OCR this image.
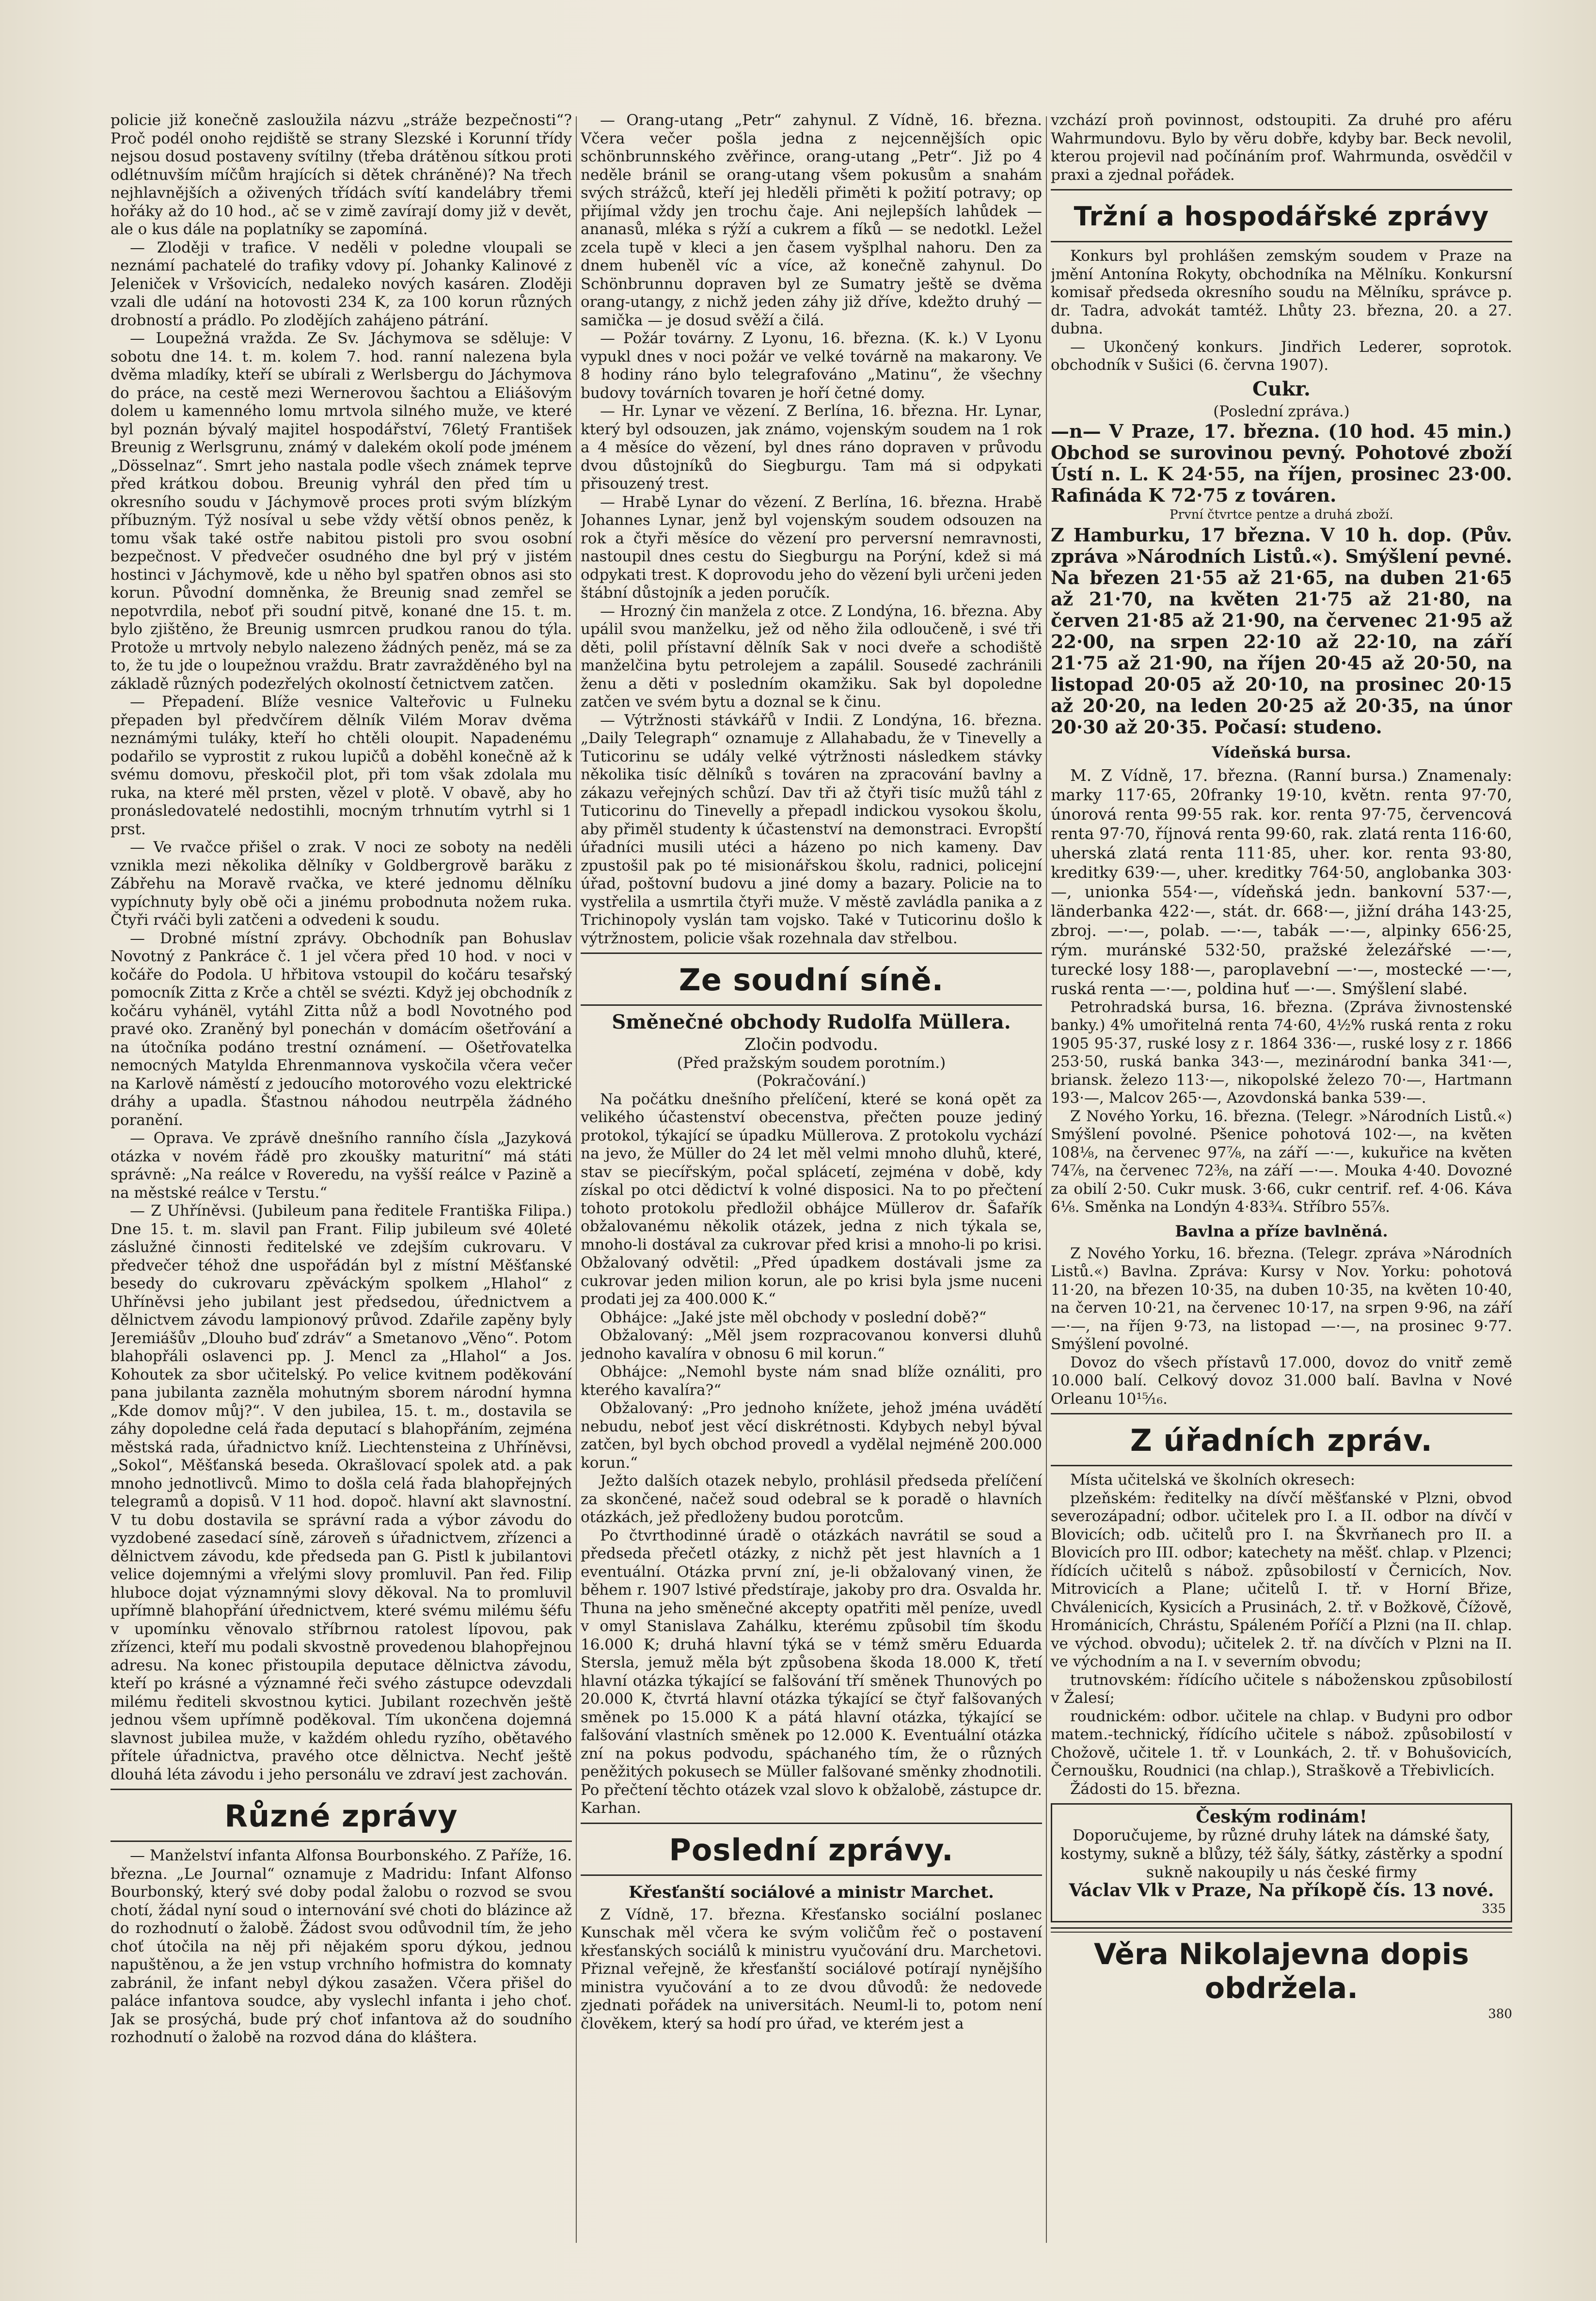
policie již konečně zasloužila názvu „stráže bezpečnosti“? Proč podél onoho rejdiště se strany Slezské i Korunní třídy nejsou dosud postaveny svítilny (třeba drátěnou sítkou proti odlétnuvším míčům hrajících si dětek chráněné)? Na třech nejhlavnějších a oživených třídách svítí kandelábry třemi hořáky až do 10 hod., ač se v zimě zavírají domy již v devět, ale o kus dále na poplatníky se zapomíná.

— Zloději v trafice. V neděli v poledne vloupali se neznámí pachatelé do trafiky vdovy pí. Johanky Kalinové z Jeleniček v Vršovicích, nedaleko nových kasáren. Zloději vzali dle udání na hotovosti 234 K, za 100 korun různých drobností a prádlo. Po zlodějích zahájeno pátrání.

— Loupežná vražda. Ze Sv. Jáchymova se sděluje: V sobotu dne 14. t. m. kolem 7. hod. ranní nalezena byla dvěma mladíky, kteří se ubírali z Werlsbergu do Jáchymova do práce, na cestě mezi Wernerovou šachtou a Eliášovým dolem u kamenného lomu mrtvola silného muže, ve které byl poznán bývalý majitel hospodářství, 76letý František Breunig z Werlsgrunu, známý v dalekém okolí pode jménem „Dösselnaz“. Smrt jeho nastala podle všech známek teprve před krátkou dobou. Breunig vyhrál den před tím u okresního soudu v Jáchymově proces proti svým blízkým příbuzným. Týž nosíval u sebe vždy větší obnos peněz, k tomu však také ostře nabitou pistoli pro svou osobní bezpečnost. V předvečer osudného dne byl prý v jistém hostinci v Jáchymově, kde u něho byl spatřen obnos asi sto korun. Původní domněnka, že Breunig snad zemřel se nepotvrdila, neboť při soudní pitvě, konané dne 15. t. m. bylo zjištěno, že Breunig usmrcen prudkou ranou do týla. Protože u mrtvoly nebylo nalezeno žádných peněz, má se za to, že tu jde o loupežnou vraždu. Bratr zavražděného byl na základě různých podezřelých okolností četnictvem zatčen.

— Přepadení. Blíže vesnice Valteřovic u Fulneku přepaden byl předvčírem dělník Vilém Morav dvěma neznámými tuláky, kteří ho chtěli oloupit. Napadenému podařilo se vyprostit z rukou lupičů a doběhl konečně až k svému domovu, přeskočil plot, při tom však zdolala mu ruka, na které měl prsten, vězel v plotě. V obavě, aby ho pronásledovatelé nedostihli, mocným trhnutím vytrhl si 1 prst.

— Ve rvačce přišel o zrak. V noci ze soboty na neděli vznikla mezi několika dělníky v Goldbergrově barăku z Zábřehu na Moravě rvačka, ve které jednomu dělníku vypíchnuty byly obě oči a jinému probodnuta nožem ruka. Čtyři rváči byli zatčeni a odvedeni k soudu.

— Drobné místní zprávy. Obchodník pan Bohuslav Novotný z Pankráce č. 1 jel včera před 10 hod. v noci v kočáře do Podola. U hřbitova vstoupil do kočáru tesařský pomocník Zitta z Krče a chtěl se svézti. Když jej obchodník z kočáru vyhánël, vytáhl Zitta nůž a bodl Novotného pod pravé oko. Zraněný byl ponechán v domácím ošetřování a na útočníka podáno trestní oznámení. — Ošetřovatelka nemocných Matylda Ehrenmannova vyskočila včera večer na Karlově náměstí z jedoucího motorového vozu elektrické dráhy a upadla. Šťastnou náhodou neutrpěla žádného poranění.

— Oprava. Ve zprávě dnešního ranního čísla „Jazyková otázka v novém řádě pro zkoušky maturitní“ má státi správně: „Na reálce v Roveredu, na vyšší reálce v Pazině a na městské reálce v Terstu.“

— Z Uhříněvsi. (Jubileum pana ředitele Františka Filipa.) Dne 15. t. m. slavil pan Frant. Filip jubileum své 40leté záslužné činnosti ředitelské ve zdejším cukrovaru. V předvečer téhož dne uspořádán byl z místní Měšťanské besedy do cukrovaru zpěváckým spolkem „Hlahol“ z Uhříněvsi jeho jubilant jest předsedou, úřednictvem a dělnictvem závodu lampionový průvod. Zdařile zapěny byly Jeremiášův „Dlouho buď zdráv“ a Smetanovo „Věno“. Potom blahopřáli oslavenci pp. J. Mencl za „Hlahol“ a Jos. Kohoutek za sbor učitelský. Po velice kvitnem poděkování pana jubilanta zazněla mohutným sborem národní hymna „Kde domov můj?“. V den jubilea, 15. t. m., dostavila se záhy dopoledne celá řada deputací s blahopřáním, zejména městská rada, úřadnictvo kníž. Liechtensteina z Uhříněvsi, „Sokol“, Měšťanská beseda. Okrašlovací spolek atd. a pak mnoho jednotlivců. Mimo to došla celá řada blahopřejných telegramů a dopisů. V 11 hod. dopoč. hlavní akt slavnostní. V tu dobu dostavila se správní rada a výbor závodu do vyzdobené zasedací síně, zároveň s úřadnictvem, zřízenci a dělnictvem závodu, kde předseda pan G. Pistl k jubilantovi velice dojemnými a vřelými slovy promluvil. Pan řed. Filip hluboce dojat významnými slovy děkoval. Na to promluvil upřímně blahopřání úřednictvem, které svému milému šéfu v upomínku věnovalo stříbrnou ratolest lípovou, pak zřízenci, kteří mu podali skvostně provedenou blahopřejnou adresu. Na konec přistoupila deputace dělnictva závodu, kteří po krásné a významné řeči svého zástupce odevzdali milému řediteli skvostnou kytici. Jubilant rozechvěn ještě jednou všem upřímně poděkoval. Tím ukončena dojemná slavnost jubilea muže, v každém ohledu ryzího, obětavého přítele úřadnictva, pravého otce dělnictva. Nechť ještě dlouhá léta závodu i jeho personálu ve zdraví jest zachován.

Různé zprávy

— Manželství infanta Alfonsa Bourbonského. Z Paříže, 16. března. „Le Journal“ oznamuje z Madridu: Infant Alfonso Bourbonský, který své doby podal žalobu o rozvod se svou chotí, žádal nyní soud o internování své choti do blázince až do rozhodnutí o žalobě. Žádost svou odůvodnil tím, že jeho choť útočila na něj při nějakém sporu dýkou, jednou napuštěnou, a že jen vstup vrchního hofmistra do komnaty zabránil, že infant nebyl dýkou zasažen. Včera přišel do paláce infantova soudce, aby vyslechl infanta i jeho choť. Jak se prosýchá, bude prý choť infantova až do soudního rozhodnutí o žalobě na rozvod dána do kláštera.

— Orang-utang „Petr“ zahynul. Z Vídně, 16. března. Včera večer pošla jedna z nejcennějších opic schönbrunnského zvěřince, orang-utang „Petr“. Již po 4 neděle bránil se orang-utang všem pokusům a snahám svých strážců, kteří jej hleděli přiměti k požití potravy; op přijímal vždy jen trochu čaje. Ani nejlepších lahůdek — ananasů, mléka s rýží a cukrem a fíků — se nedotkl. Ležel zcela tupě v kleci a jen časem vyšplhal nahoru. Den za dnem hubeněl víc a více, až konečně zahynul. Do Schönbrunnu dopraven byl ze Sumatry ještě se dvěma orang-utangy, z nichž jeden záhy již dříve, kdežto druhý — samička — je dosud svěží a čilá.

— Požár továrny. Z Lyonu, 16. března. (K. k.) V Lyonu vypukl dnes v noci požár ve velké továrně na makarony. Ve 8 hodiny ráno bylo telegrafováno „Matinu“, že všechny budovy továrních tovaren je hoří četné domy.

— Hr. Lynar ve vězení. Z Berlína, 16. března. Hr. Lynar, který byl odsouzen, jak známo, vojenským soudem na 1 rok a 4 měsíce do vězení, byl dnes ráno dopraven v průvodu dvou důstojníků do Siegburgu. Tam má si odpykati přisouzený trest.

— Hrabě Lynar do vězení. Z Berlína, 16. března. Hrabě Johannes Lynar, jenž byl vojenským soudem odsouzen na rok a čtyři měsíce do vězení pro perversní nemravnosti, nastoupil dnes cestu do Siegburgu na Porýní, kdež si má odpykati trest. K doprovodu jeho do vězení byli určeni jeden štábní důstojník a jeden poručík.

— Hrozný čin manžela z otce. Z Londýna, 16. března. Aby upálil svou manželku, jež od něho žila odloučeně, i své tři děti, polil přístavní dělník Sak v noci dveře a schodiště manželčina bytu petrolejem a zapálil. Sousedé zachránili ženu a děti v posledním okamžiku. Sak byl dopoledne zatčen ve svém bytu a doznal se k činu.

— Výtržnosti stávkářů v Indii. Z Londýna, 16. března. „Daily Telegraph“ oznamuje z Allahabadu, že v Tinevelly a Tuticorinu se udály velké výtržnosti následkem stávky několika tisíc dělníků s továren na zpracování bavlny a zákazu veřejných schůzí. Dav tři až čtyři tisíc mužů táhl z Tuticorinu do Tinevelly a přepadl indickou vysokou školu, aby přiměl studenty k účastenství na demonstraci. Evropští úřadníci musili utéci a házeno po nich kameny. Dav zpustošil pak po té misionářskou školu, radnici, policejní úřad, poštovní budovu a jiné domy a bazary. Policie na to vystřelila a usmrtila čtyři muže. V městě zavládla panika a z Trichinopoly vyslán tam vojsko. Také v Tuticorinu došlo k výtržnostem, policie však rozehnala dav střelbou.

Ze soudní síně.
Směnečné obchody Rudolfa Müllera.

Zločin podvodu.

(Před pražským soudem porotním.)

(Pokračování.)

Na počátku dnešního přelíčení, které se koná opět za velikého účastenství obecenstva, přečten pouze jediný protokol, týkající se úpadku Müllerova. Z protokolu vychází na jevo, že Müller do 24 let měl velmi mnoho dluhů, které, stav se piecířským, počal splácetí, zejména v době, kdy získal po otci dědictví k volné disposici. Na to po přečtení tohoto protokolu předložil obhájce Müllerov dr. Šafařík obžalovanému několik otázek, jedna z nich týkala se, mnoho-li dostával za cukrovar před krisi a mnoho-li po krisi. Obžalovaný odvětil: „Před úpadkem dostávali jsme za cukrovar jeden milion korun, ale po krisi byla jsme nuceni prodati jej za 400.000 K.“

Obhájce: „Jaké jste měl obchody v poslední době?“

Obžalovaný: „Měl jsem rozpracovanou konversi dluhů jednoho kavalíra v obnosu 6 mil korun.“

Obhájce: „Nemohl byste nám snad blíže oználiti, pro kterého kavalíra?“

Obžalovaný: „Pro jednoho knížete, jehož jména uvádětí nebudu, neboť jest věcí diskrétnosti. Kdybych nebyl býval zatčen, byl bych obchod provedl a vydělal nejméně 200.000 korun.“

Ježto dalších otazek nebylo, prohlásil předseda přelíčení za skončené, načež soud odebral se k poradě o hlavních otázkách, jež předloženy budou porotcům.

Po čtvrthodinné úradě o otázkách navrátil se soud a předseda přečetl otázky, z nichž pět jest hlavních a 1 eventuální. Otázka první zní, je-li obžalovaný vinen, že během r. 1907 lstivé předstíraje, jakoby pro dra. Osvalda hr. Thuna na jeho směnečné akcepty opatřiti měl peníze, uvedl v omyl Stanislava Zahálku, kterému způsobil tím škodu 16.000 K; druhá hlavní týká se v témž směru Eduarda Stersla, jemuž měla být způsobena škoda 18.000 K, třetí hlavní otázka týkající se falšování tří směnek Thunových po 20.000 K, čtvrtá hlavní otázka týkající se čtyř falšovaných směnek po 15.000 K a pátá hlavní otázka, týkající se falšování vlastních směnek po 12.000 K. Eventuální otázka zní na pokus podvodu, spáchaného tím, že o různých peněžitých pokusech se Müller falšované směnky zhodnotili. Po přečtení těchto otázek vzal slovo k obžalobě, zástupce dr. Karhan.

Poslední zprávy.
Křesťanští sociálové a ministr Marchet.

Z Vídně, 17. března. Křesťansko sociální poslanec Kunschak měl včera ke svým voličům řeč o postavení křesťanských sociálů k ministru vyučování dru. Marchetovi. Přiznal veřejně, že křesťanští sociálové potírají nynějšího ministra vyučování a to ze dvou důvodů: že nedovede zjednati pořádek na universitách. Neuml-li to, potom není člověkem, který sa hodí pro úřad, ve kterém jest a

vzchází proň povinnost, odstoupiti. Za druhé pro aféru Wahrmundovu. Bylo by věru dobře, kdyby bar. Beck nevolil, kterou projevil nad počínáním prof. Wahrmunda, osvědčil v praxi a zjednal pořádek.

Tržní a hospodářské zprávy

Konkurs byl prohlášen zemským soudem v Praze na jmění Antonína Rokyty, obchodníka na Mělníku. Konkursní komisař předseda okresního soudu na Mělníku, správce p. dr. Tadra, advokát tamtéž. Lhůty 23. března, 20. a 27. dubna.

— Ukončený konkurs. Jindřich Lederer, soprotok. obchodník v Sušici (6. června 1907).

Cukr.

(Poslední zpráva.)

—n— V Praze, 17. března. (10 hod. 45 min.) Obchod se surovinou pevný. Pohotové zboží Ústí n. L. K 24·55, na říjen, prosinec 23·00. Rafináda K 72·75 z továren.

První čtvrtce pentze a druhá zboží.

Z Hamburku, 17 března. V 10 h. dop. (Pův. zpráva »Národních Listů.«). Smýšlení pevné. Na březen 21·55 až 21·65, na duben 21·65 až 21·70, na květen 21·75 až 21·80, na červen 21·85 až 21·90, na červenec 21·95 až 22·00, na srpen 22·10 až 22·10, na září 21·75 až 21·90, na říjen 20·45 až 20·50, na listopad 20·05 až 20·10, na prosinec 20·15 až 20·20, na leden 20·25 až 20·35, na únor 20·30 až 20·35. Počasí: studeno.

Vídeňská bursa.

M. Z Vídně, 17. března. (Ranní bursa.) Znamenaly: marky 117·65, 20franky 19·10, květn. renta 97·70, únorová renta 99·55 rak. kor. renta 97·75, červencová renta 97·70, říjnová renta 99·60, rak. zlatá renta 116·60, uherská zlatá renta 111·85, uher. kor. renta 93·80, kreditky 639·—, uher. kreditky 764·50, anglobanka 303·—, unionka 554·—, vídeňská jedn. bankovní 537·—, länderbanka 422·—, stát. dr. 668·—, jižní dráha 143·25, zbroj. —·—, polab. —·—, tabák —·—, alpinky 656·25, rým. muránské 532·50, pražské železářské —·—, turecké losy 188·—, paroplavební —·—, mostecké —·—, ruská renta —·—, poldina huť —·—. Smýšlení slabé.

Petrohradská bursa, 16. března. (Zpráva živnostenské banky.) 4% umořitelná renta 74·60, 4½% ruská renta z roku 1905 95·37, ruské losy z r. 1864 336·—, ruské losy z r. 1866 253·50, ruská banka 343·—, mezinárodní banka 341·—, briansk. železo 113·—, nikopolské železo 70·—, Hartmann 193·—, Malcov 265·—, Azovdonská banka 539·—.

Z Nového Yorku, 16. března. (Telegr. »Národních Listů.«) Smýšlení povolné. Pšenice pohotová 102·—, na květen 108⅛, na červenec 97⅞, na září —·—, kukuřice na květen 74⅞, na červenec 72⅜, na září —·—. Mouka 4·40. Dovozné za obilí 2·50. Cukr musk. 3·66, cukr centrif. ref. 4·06. Káva 6⅛. Směnka na Londýn 4·83¾. Stříbro 55⅞.

Bavlna a příze bavlněná.

Z Nového Yorku, 16. března. (Telegr. zpráva »Národních Listů.«) Bavlna. Zpráva: Kursy v Nov. Yorku: pohotová 11·20, na březen 10·35, na duben 10·35, na květen 10·40, na červen 10·21, na červenec 10·17, na srpen 9·96, na září —·—, na říjen 9·73, na listopad —·—, na prosinec 9·77. Smýšlení povolné.

Dovoz do všech přístavů 17.000, dovoz do vnitř země 10.000 balí. Celkový dovoz 31.000 balí. Bavlna v Nové Orleanu 10¹⁵⁄₁₆.

Z úřadních zpráv.

Místa učitelská ve školních okresech:

plzeňském: ředitelky na dívčí měšťanské v Plzni, obvod severozápadní; odbor. učitelek pro I. a II. odbor na dívčí v Blovicích; odb. učitelů pro I. na Škvrňanech pro II. a Blovicích pro III. odbor; katechety na měšť. chlap. v Plzenci; řídících učitelů s nábož. způsobilostí v Černicích, Nov. Mitrovicích a Plane; učitelů I. tř. v Horní Břize, Chválenicích, Kysicích a Prusinách, 2. tř. v Božkově, Čížově, Hrománicích, Chrástu, Spáleném Poříčí a Plzni (na II. chlap. ve východ. obvodu); učitelek 2. tř. na dívčích v Plzni na II. ve východním a na I. v severním obvodu;

trutnovském: řídícího učitele s náboženskou způsobilostí v Žalesí;

roudnickém: odbor. učitele na chlap. v Budyni pro odbor matem.-technický, řídícího učitele s nábož. způsobilostí v Chožově, učitele 1. tř. v Lounkách, 2. tř. v Bohušovicích, Černoušku, Roudnici (na chlap.), Straškově a Třebivlicích.

Žádosti do 15. března.

Českým rodinám!
Doporučujeme, by různé druhy látek na dámské šaty, kostymy, sukně a blůzy, též šály, šátky, zástěrky a spodní sukně nakoupily u nás české firmy
Václav Vlk v Praze, Na příkopě čís. 13 nové.

335

Věra Nikolajevna dopis obdržela.

380
